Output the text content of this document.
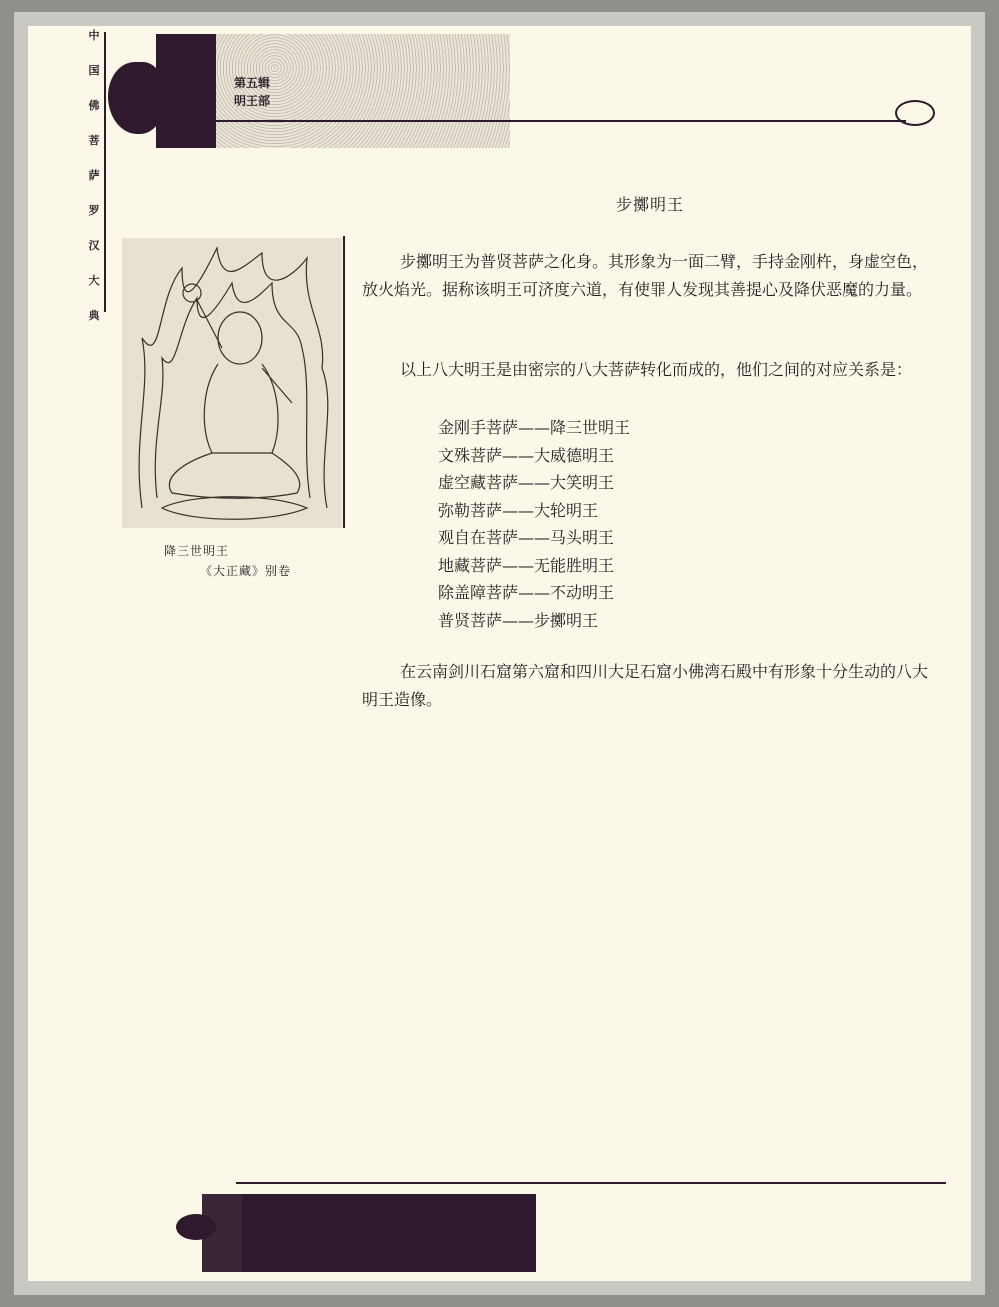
中
国
佛
菩
萨
罗
汉
大
典
第五辑
明王部
步擲明王
降三世明王
《大正藏》别卷

步擲明王为普贤菩萨之化身。其形象为一面二臂，手持金刚杵，身虚空色，放火焰光。据称该明王可济度六道，有使罪人发现其善提心及降伏恶魔的力量。

以上八大明王是由密宗的八大菩萨转化而成的，他们之间的对应关系是：

金刚手菩萨——降三世明王
文殊菩萨——大威德明王
虚空藏菩萨——大笑明王
弥勒菩萨——大轮明王
观自在菩萨——马头明王
地藏菩萨——无能胜明王
除盖障菩萨——不动明王
普贤菩萨——步擲明王

在云南剑川石窟第六窟和四川大足石窟小佛湾石殿中有形象十分生动的八大明王造像。
